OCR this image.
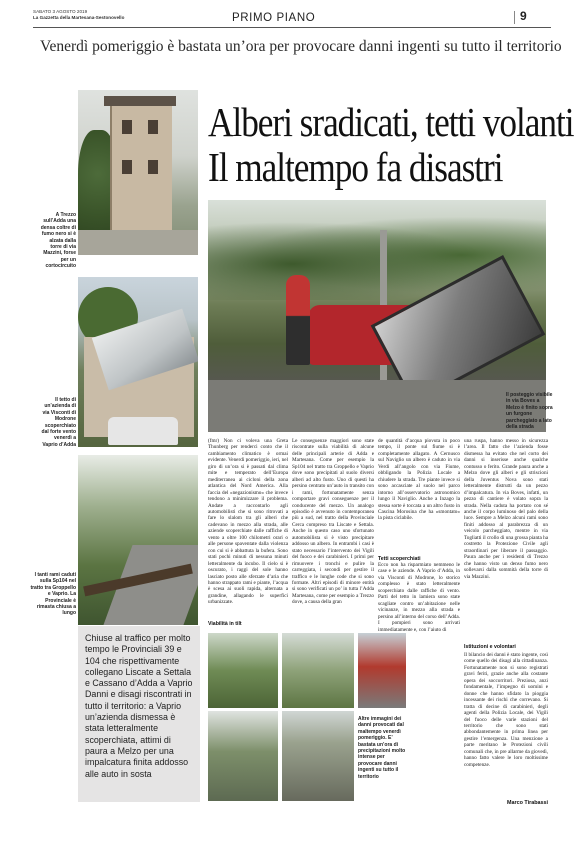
SABATO 3 AGOSTO 2019
La Gazzetta della Martesana-Sestonovello	PRIMO PIANO	9
Venerdì pomeriggio è bastata un’ora per provocare danni ingenti su tutto il territorio
Alberi sradicati, tetti volanti
Il maltempo fa disastri
A Trezzo sull’Adda una densa coltre di fumo nero si è alzata dalla torre di via Mazzini, forse per un cortocircuito
Il tetto di un’azienda di via Visconti di Modrone scoperchiato dal forte vento venerdì a Vaprio d’Adda
I tanti rami caduti sulla Sp104 nel tratto tra Groppello e Vaprio. La Provinciale è rimasta chiusa a lungo
Il posteggio visibile in via Boves a Melzo è finito sopra un furgone parcheggiato a lato della strada
Chiuse al traffico per molto tempo le Provinciali 39 e 104 che rispettivamente collegano Liscate a Settala e Cassano d’Adda a Vaprio Danni e disagi riscontrati in tutto il territorio: a Vaprio un’azienda dismessa è stata letteralmente scoperchiata, attimi di paura a Melzo per una impalcatura finita addosso alle auto in sosta
(fmr) Non ci voleva una Greta Thunberg per renderci conto che il cambiamento climatico è ormai evidente. Venerdì pomeriggio, ieri, nel giro di un’ora si è passati dal clima mite e temperato dell’Europa mediterranea ai cicloni della zona atlantica del Nord America. Alla faccia del «negazionismo» che invece tendono a minimizzare il problema. Andate a raccontarlo agli automobilisti che si sono ritrovati a fare lo slalom tra gli alberi che cadevano in mezzo alla strada, alle aziende scoperchiate dalle raffiche di vento a oltre 100 chilometri orari o alle persone spaventate dalla violenza con cui si è abbattuta la bufera. Sono stati pochi minuti di nessuna minuti letteralmente da incubo. Il cielo si è oscurato, i raggi del sole hanno lasciato posto alle sferzate d’aria che hanno strappato rami e piante, l’acqua è scesa ai suoli rapida, alternata a grandine, allagando le superfici urbanizzate.
Viabilità in tilt
Le conseguenze maggiori sono state riscontrate sulla viabilità di alcune delle principali arterie di Adda e Martesana. Come per esempio la Sp104 nel tratto tra Groppello e Vaprio dove sono precipitati al suolo diversi alberi ad alto fusto. Uno di questi ha persino centrato un’auto in transito con i rami, fortunatamente senza comportare gravi conseguenze per il conducente del mezzo. Un analogo episodio è avvenuto in contemporanea più a sud, nel tratto della Provinciale Cerca compreso tra Liscate e Settala. Anche in questo caso uno sfortunato automobilista si è visto precipitare addosso un albero. In entrambi i casi è stato necessario l’intervento dei Vigili del fuoco e dei carabinieri. I primi per rimuovere i tronchi e pulire la carreggiata, i secondi per gestire il traffico e le lunghe code che si sono formate. Altri episodi di minore entità si sono verificati un po’ in tutta l’Adda Martesana, come per esempio a Trezzo dove, a causa della gran
de quantità d’acqua piovuta in poco tempo, il ponte sul fiume si è completamente allagato. A Cernusco sul Naviglio un albero è caduto in via Verdi all’angolo con via Fiume, obbligando la Polizia Locale a chiudere la strada. Tre piante invece si sono accasciate al suolo nel parco intorno all’osservatorio astronomico lungo il Naviglio. Anche a Inzago la stessa sorte è toccata a un altro fusto in Cascina Morosina che ha «smontato» la pista ciclabile.
Tetti scoperchiati
Ecco non ha risparmiato nemmeno le case e le aziende. A Vaprio d’Adda, in via Visconti di Modrone, lo storico complesso è stato letteralmente scoperchiato dalle raffiche di vento. Parti del tetto in lamiera sono state scagliate contro un’abitazione nelle vicinanze, in mezzo alla strada e persino all’interno del corso dell’Adda. I pompieri sono arrivati immediatamente e, con l’aiuto di
una ruspa, hanno messo in sicurezza l’area. Il fatto che l’azienda fosse dismessa ha evitato che nel corto dei danni si inserisse anche qualche contusso o ferito. Grande paura anche a Melzo dove gli alberi e gli striscioni della Juventus Nova sono stati letteralmente distrutti da un pezzo d’impalcatura. In via Boves, infatti, un pezzo di cantiere è volato sopra la strada. Nella caduta ha portato con sé anche il corpo luminoso del palo della luce. Sempre a Melzo alcuni rami sono finiti addosso al parabrezza di un veicolo parcheggiato, mentre in via Togliatti il crollo di una grossa pianta ha costretto la Protezione Civile agli straordinari per liberare il passaggio. Paura anche per i residenti di Trezzo che hanno visto un denso fumo nero sollevarsi dalla sommità della torre di via Mazzini.
Istituzioni e volontari
Il bilancio dei danni è stato ingente, così come quello dei disagi alla cittadinanza. Fortunatamente non si sono registrati gravi feriti, grazie anche alla costante opera dei soccorritori. Preziosa, anzi fondamentale, l’impegno di uomini e donne che hanno sfidato la pioggia incessante dei rischi che correvano. Si tratta di decine di carabinieri, degli agenti della Polizia Locale, dei Vigili del fuoco delle varie stazioni del territorio che sono stati abbondantemente in prima linea per gestire l’emergenza. Una menzione a parte meritano le Protezioni civili comunali che, in pre allarme da giovedì, hanno fatto valere le loro moltissime competenze.
Marco Tirabassi
Altre immagini dei danni provocati dal maltempo venerdì pomeriggio. E’ bastata un’ora di precipitazioni molto intense per provocare danni ingenti su tutto il territorio
